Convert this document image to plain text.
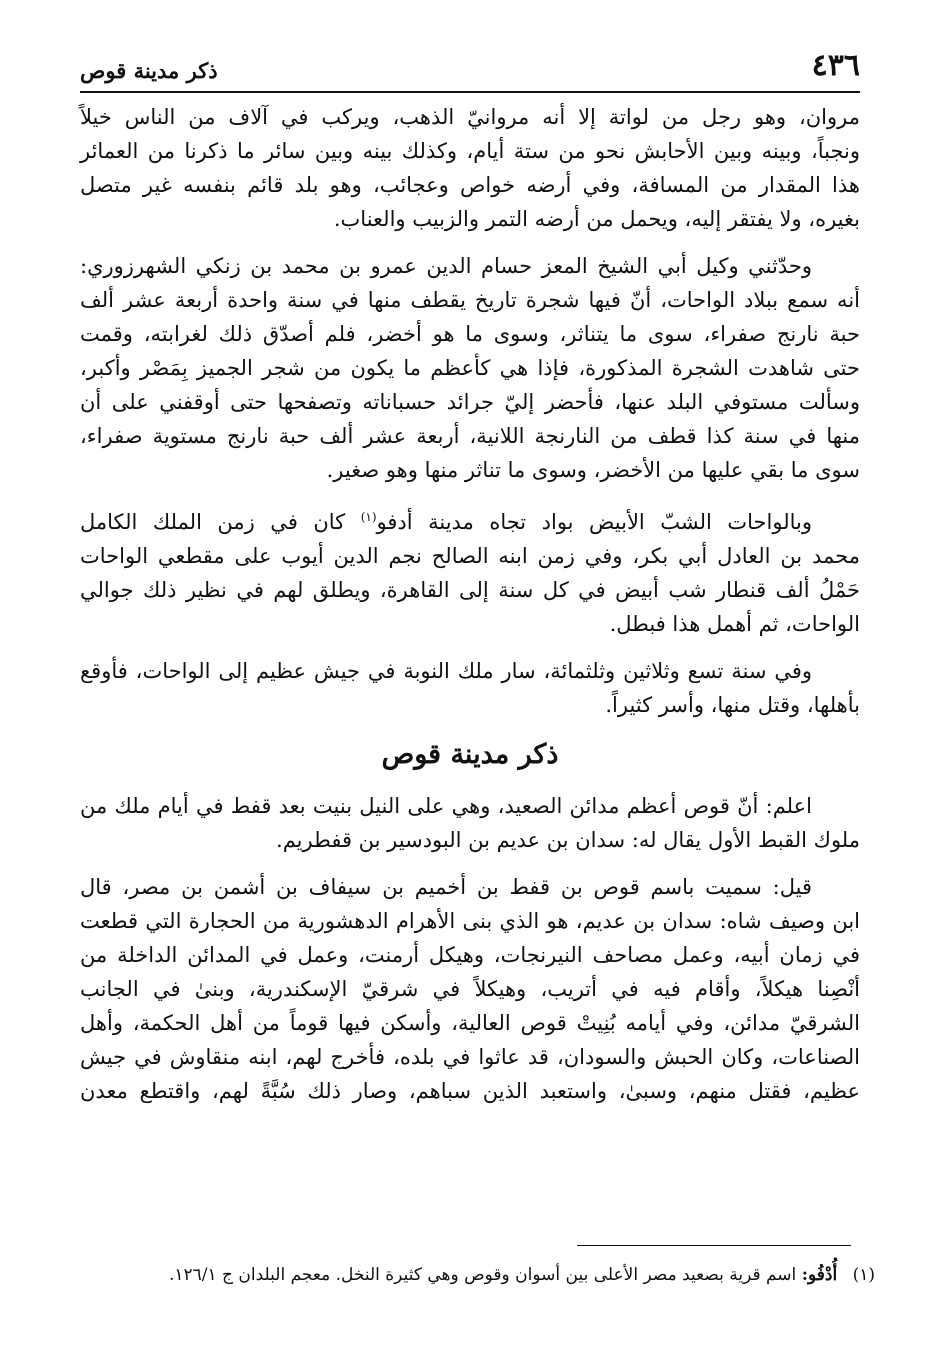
٤٣٦
ذكر مدينة قوص

مروان، وهو رجل من لواتة إلا أنه مروانيّ الذهب، ويركب في آلاف من الناس خيلاً
ونجباً، وبينه وبين الأحابش نحو من ستة أيام، وكذلك بينه وبين سائر ما ذكرنا من العمائر
هذا المقدار من المسافة، وفي أرضه خواص وعجائب، وهو بلد قائم بنفسه غير متصل
بغيره، ولا يفتقر إليه، ويحمل من أرضه التمر والزبيب والعناب.

وحدّثني وكيل أبي الشيخ المعز حسام الدين عمرو بن محمد بن زنكي الشهرزوري:
أنه سمع ببلاد الواحات، أنّ فيها شجرة تاريخ يقطف منها في سنة واحدة أربعة عشر ألف
حبة نارنج صفراء، سوى ما يتناثر، وسوى ما هو أخضر، فلم أصدّق ذلك لغرابته، وقمت
حتى شاهدت الشجرة المذكورة، فإذا هي كأعظم ما يكون من شجر الجميز بِمَصْر وأكبر،
وسألت مستوفي البلد عنها، فأحضر إليّ جرائد حسباناته وتصفحها حتى أوقفني على أن
منها في سنة كذا قطف من النارنجة اللانية، أربعة عشر ألف حبة نارنج مستوية صفراء،
سوى ما بقي عليها من الأخضر، وسوى ما تناثر منها وهو صغير.

وبالواحات الشبّ الأبيض بواد تجاه مدينة أدفو$^{(١)}$ كان في زمن الملك الكامل
محمد بن العادل أبي بكر، وفي زمن ابنه الصالح نجم الدين أيوب على مقطعي الواحات
حَمْلُ ألف قنطار شب أبيض في كل سنة إلى القاهرة، ويطلق لهم في نظير ذلك جوالي
الواحات، ثم أهمل هذا فبطل.

وفي سنة تسع وثلاثين وثلثمائة، سار ملك النوبة في جيش عظيم إلى الواحات، فأوقع
بأهلها، وقتل منها، وأسر كثيراً.

ذكر مدينة قوص

اعلم: أنّ قوص أعظم مدائن الصعيد، وهي على النيل بنيت بعد قفط في أيام ملك من
ملوك القبط الأول يقال له: سدان بن عديم بن البودسير بن قفطريم.

قيل: سميت باسم قوص بن قفط بن أخميم بن سيفاف بن أشمن بن مصر، قال
ابن وصيف شاه: سدان بن عديم، هو الذي بنى الأهرام الدهشورية من الحجارة التي قطعت
في زمان أبيه، وعمل مصاحف النيرنجات، وهيكل أرمنت، وعمل في المدائن الداخلة من
أنْصِنا هيكلاً، وأقام فيه في أتريب، وهيكلاً في شرقيّ الإسكندرية، وبنىٰ في الجانب
الشرقيّ مدائن، وفي أيامه بُنِيتْ قوص العالية، وأسكن فيها قوماً من أهل الحكمة، وأهل
الصناعات، وكان الحبش والسودان، قد عاثوا في بلده، فأخرج لهم، ابنه منقاوش في جيش
عظيم، فقتل منهم، وسبىٰ، واستعبد الذين سباهم، وصار ذلك سُبَّةً لهم، واقتطع معدن

(١) أُدْفُو: اسم قرية بصعيد مصر الأعلى بين أسوان وقوص وهي كثيرة النخل. معجم البلدان ج ١٢٦/١.
